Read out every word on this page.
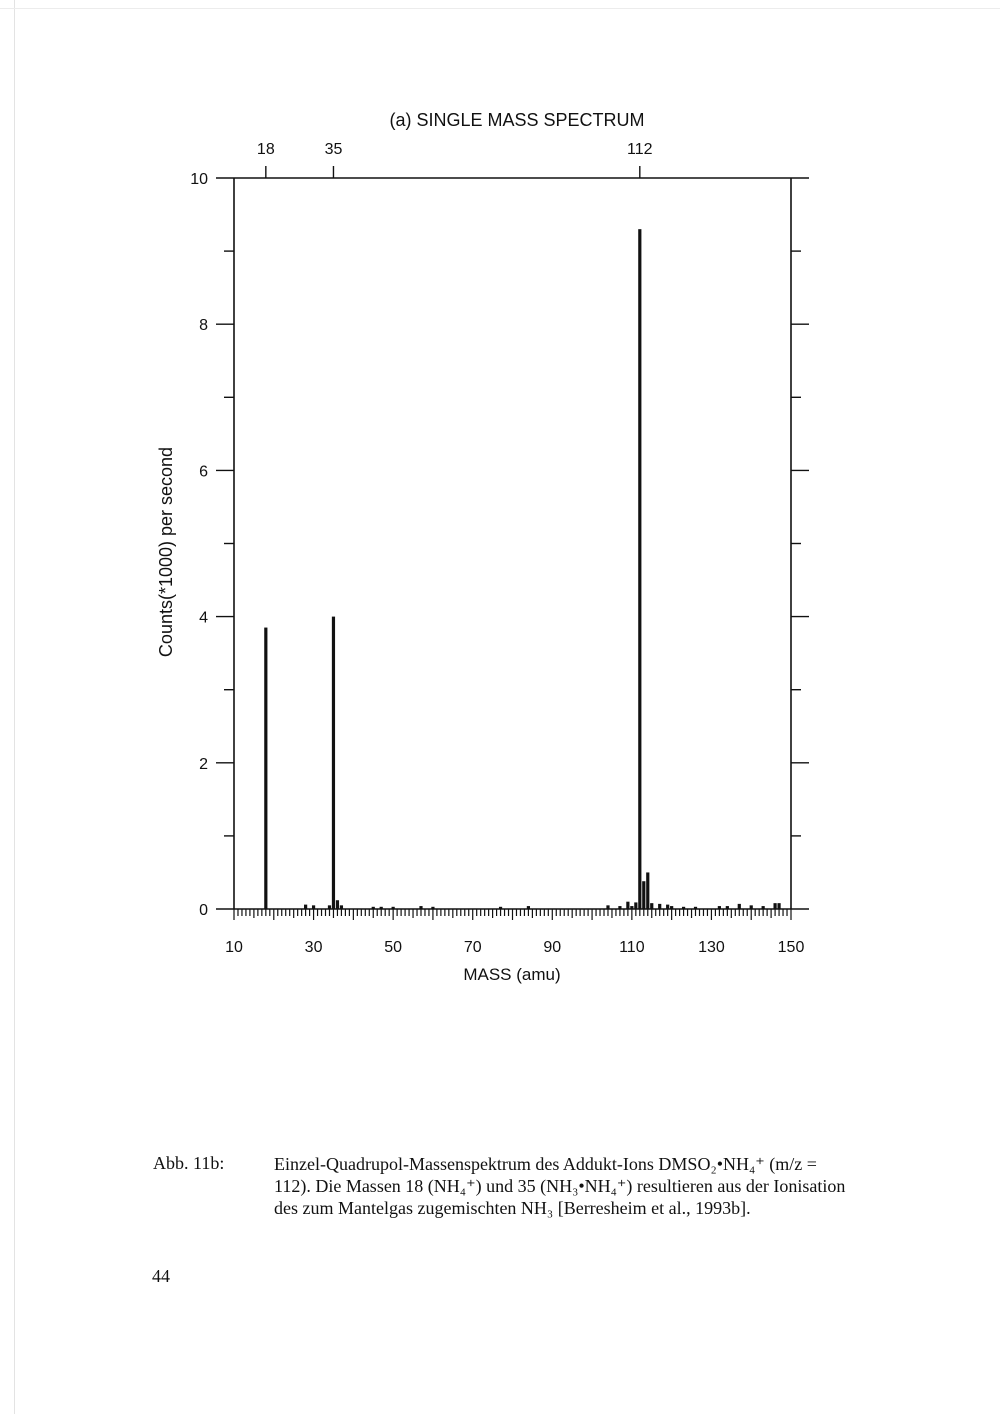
0
2
4
6
8
10
10	30	50	70	90	110	130	150
18	35	112
(a) SINGLE MASS SPECTRUM
MASS (amu)
Counts(*1000) per second
Abb. 11b:	Einzel-Quadrupol-Massenspektrum des Addukt-Ions DMSO₂•NH₄⁺ (m/z =
112). Die Massen 18 (NH₄⁺) und 35 (NH₃•NH₄⁺) resultieren aus der Ionisation
des zum Mantelgas zugemischten NH₃ [Berresheim et al., 1993b].
44
